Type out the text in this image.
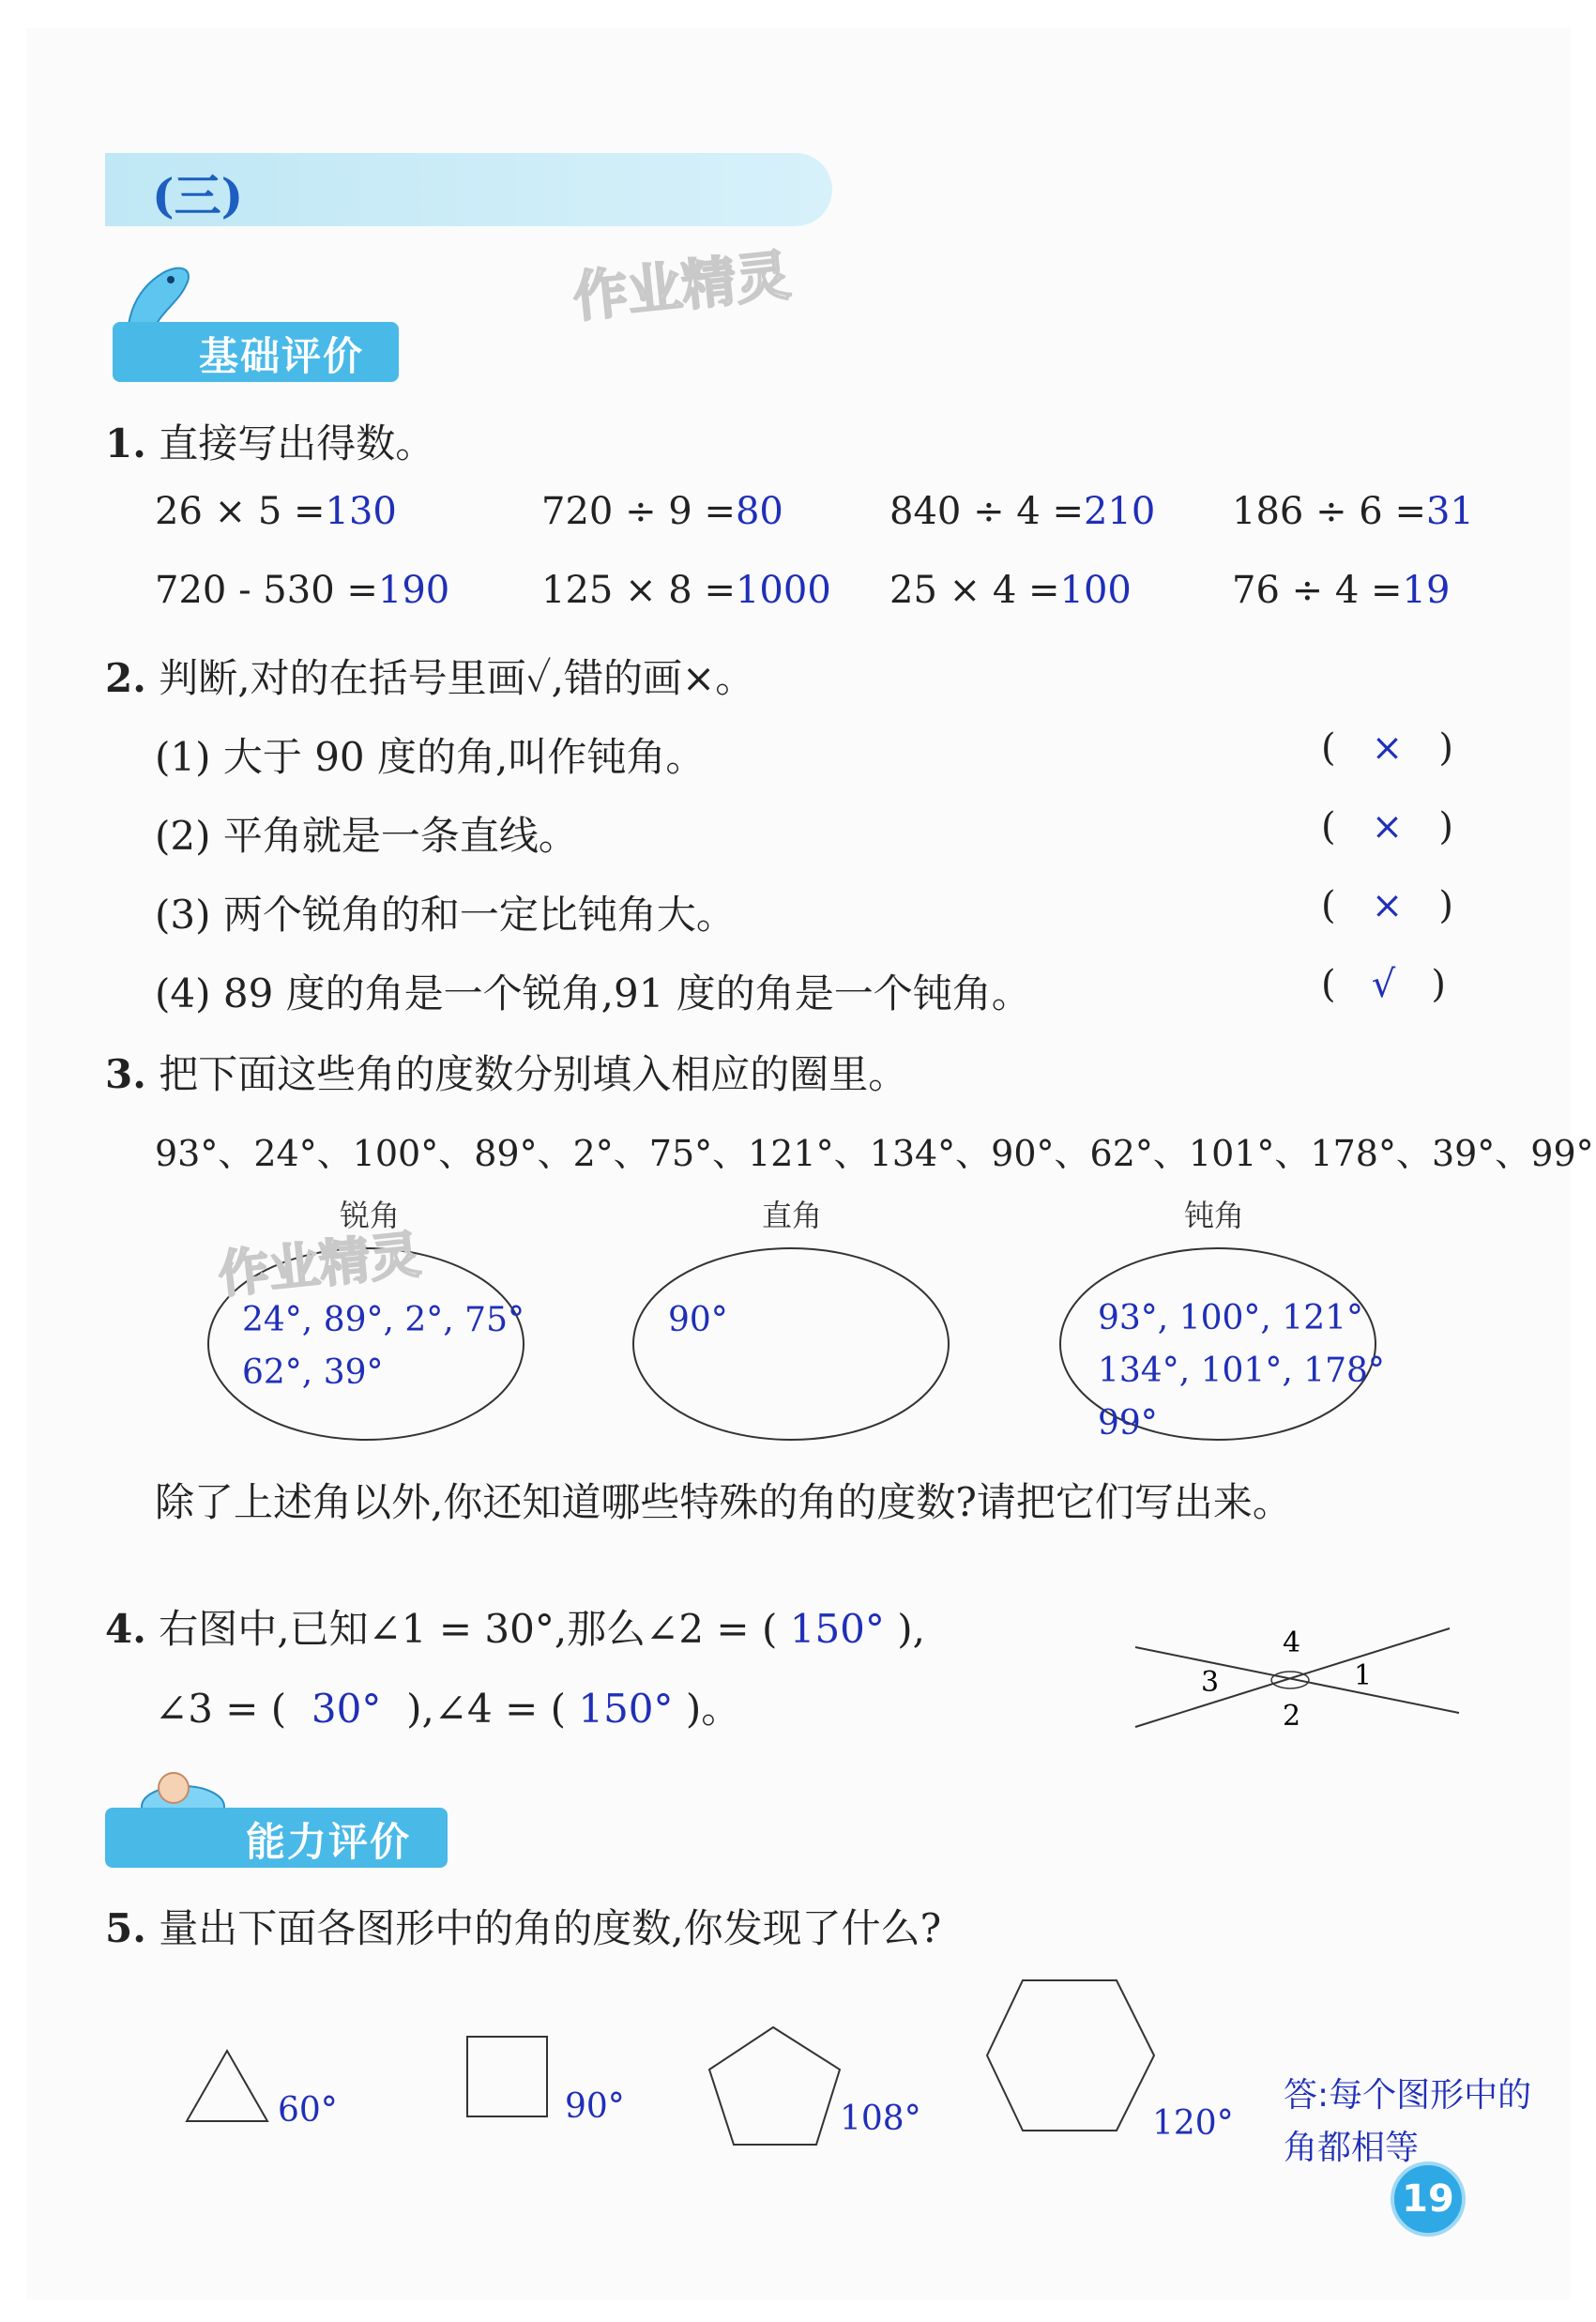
(三)
作业精灵
基础评价
1. 直接写出得数。
26 × 5 =130	720 ÷ 9 =80	840 ÷ 4 =210 186 ÷ 6 =31
720 - 530 =190 125 × 8 =1000 25 × 4 =100	76 ÷ 4 =19
2. 判断,对的在括号里画✓,错的画×。
(1) 大于 90 度的角,叫作钝角。	(   ×   )
(2) 平角就是一条直线。	(   ×   )
(3) 两个锐角的和一定比钝角大。	(   ×   )
(4) 89 度的角是一个锐角,91 度的角是一个钝角。	(   √   )
3. 把下面这些角的度数分别填入相应的圈里。
93°、24°、100°、89°、2°、75°、121°、134°、90°、62°、101°、178°、39°、99°
锐角	直角	钝角
作业精灵
24°, 89°, 2°, 75°
62°, 39°
90°	93°, 100°, 121°
134°, 101°, 178°
99°
除了上述角以外,你还知道哪些特殊的角的度数?请把它们写出来。
4. 右图中,已知∠1 = 30°,那么∠2 = ( 150° ),
∠3 = ( 30° ),∠4 = ( 150° )。
1
2
3
4
能力评价
5. 量出下面各图形中的角的度数,你发现了什么?
60°	90°	108°	120°
答:每个图形中的
角都相等
19
